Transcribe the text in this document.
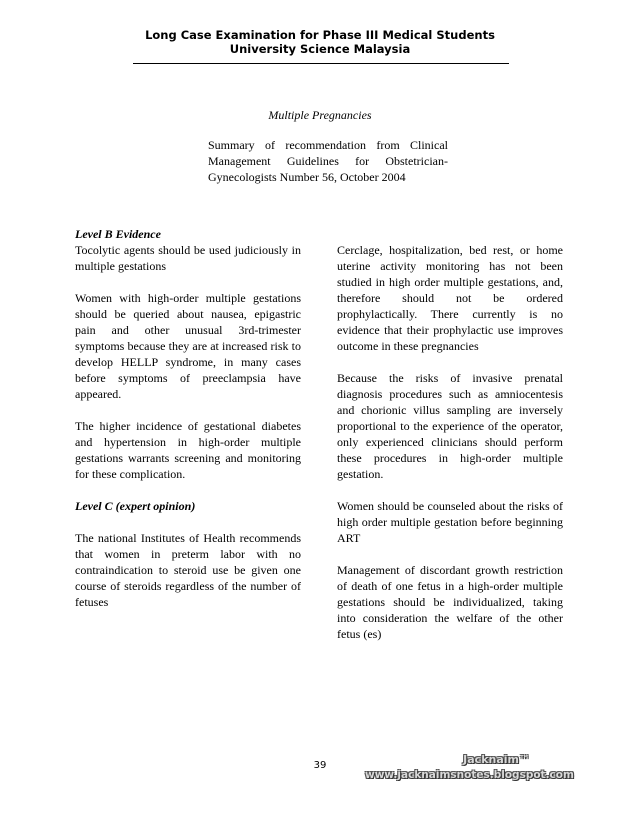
Long Case Examination for Phase III Medical Students
University Science Malaysia
Multiple Pregnancies
Summary of recommendation from Clinical
Management Guidelines for Obstetrician-
Gynecologists Number 56, October 2004

Level B Evidence

Tocolytic agents should be used judiciously in multiple gestations

Women with high-order multiple gestations should be queried about nausea, epigastric pain and other unusual 3rd-trimester symptoms because they are at increased risk to develop HELLP syndrome, in many cases before symptoms of preeclampsia have appeared.

The higher incidence of gestational diabetes and hypertension in high-order multiple gestations warrants screening and monitoring for these complication.

Level C (expert opinion)

The national Institutes of Health recommends that women in preterm labor with no contraindication to steroid use be given one course of steroids regardless of the number of fetuses

Cerclage, hospitalization, bed rest, or home uterine activity monitoring has not been studied in high order multiple gestations, and, therefore should not be ordered prophylactically. There currently is no evidence that their prophylactic use improves outcome in these pregnancies

Because the risks of invasive prenatal diagnosis procedures such as amniocentesis and chorionic villus sampling are inversely proportional to the experience of the operator, only experienced clinicians should perform these procedures in high-order multiple gestation.

Women should be counseled about the risks of high order multiple gestation before beginning ART

Management of discordant growth restriction of death of one fetus in a high-order multiple gestations should be individualized, taking into consideration the welfare of the other fetus (es)

39	Jacknaim™
www.jacknaimsnotes.blogspot.com
